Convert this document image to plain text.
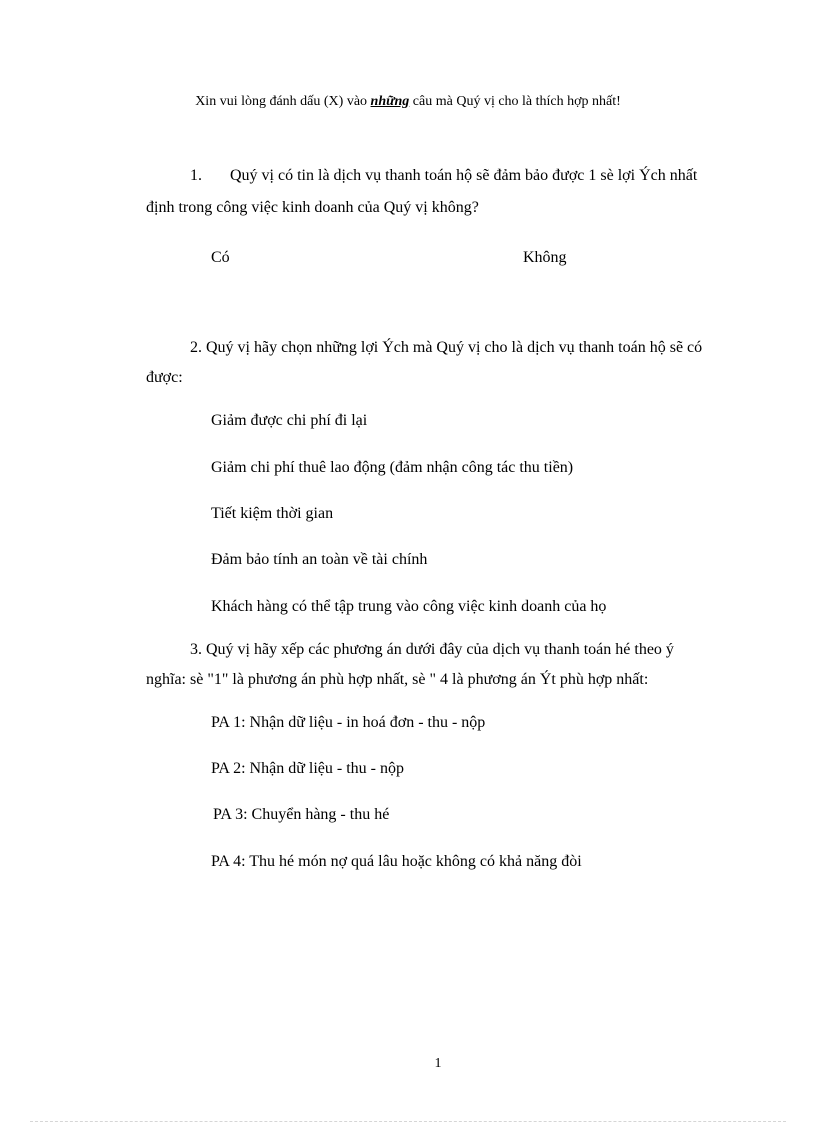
Xin vui lòng đánh dấu (X) vào những câu mà Quý vị cho là thích hợp nhất!
1. Quý vị có tin là dịch vụ thanh toán hộ sẽ đảm bảo được 1 sè lợi Ých nhất
định trong công việc kinh doanh của Quý vị không?
Có	Không
2. Quý vị hãy chọn những lợi Ých mà Quý vị cho là dịch vụ thanh toán hộ sẽ có
được:
Giảm được chi phí đi lại
Giảm chi phí thuê lao động (đảm nhận công tác thu tiền)
Tiết kiệm thời gian
Đảm bảo tính an toàn về tài chính
Khách hàng có thể tập trung vào công việc kinh doanh của họ
3. Quý vị hãy xếp các phương án dưới đây của dịch vụ thanh toán hé theo ý
nghĩa: sè "1" là phương án phù hợp nhất, sè " 4 là phương án Ýt phù hợp nhất:
PA 1: Nhận dữ liệu - in hoá đơn - thu - nộp
PA 2: Nhận dữ liệu - thu - nộp
PA 3: Chuyển hàng - thu hé
PA 4: Thu hé món nợ quá lâu hoặc không có khả năng đòi
1
